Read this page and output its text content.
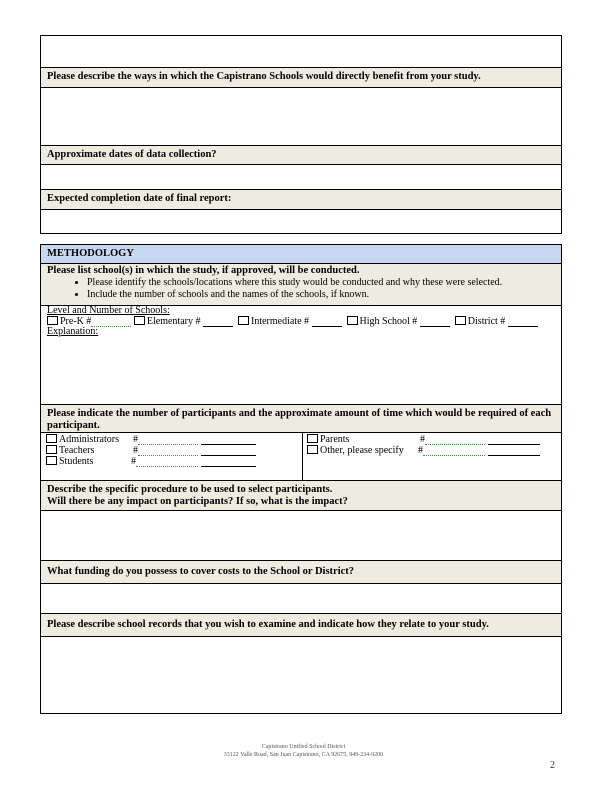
Please describe the ways in which the Capistrano Schools would directly benefit from your study.
Approximate dates of data collection?
Expected completion date of final report:
METHODOLOGY
Please list school(s) in which the study, if approved, will be conducted.
• Please identify the schools/locations where this study would be conducted and why these were selected.
• Include the number of schools and the names of the schools, if known.
Level and Number of Schools:
Pre-K #	Elementary #	Intermediate #	High School #	District #
Explanation:
Please indicate the number of participants and the approximate amount of time which would be required of each participant.
Administrators #
Teachers	#
Students	#
Parents	#
Other, please specify #
Describe the specific procedure to be used to select participants.
Will there be any impact on participants? If so, what is the impact?
What funding do you possess to cover costs to the School or District?
Please describe school records that you wish to examine and indicate how they relate to your study.
Capistrano Unified School District
33122 Valle Road, San Juan Capistrano, CA 92675, 949-234-9200
2
